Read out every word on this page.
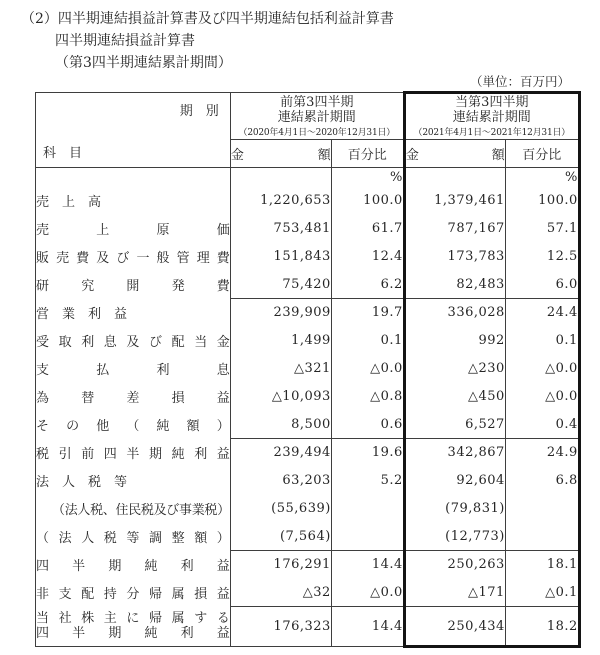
（2）四半期連結損益計算書及び四半期連結包括利益計算書
四半期連結損益計算書
（第3四半期連結累計期間）
（単位：百万円）
期　別
科　目

前第3四半期
連結累計期間
（2020年4月1日～2020年12月31日）

当第3四半期
連結累計期間
（2021年4月1日～2021年12月31日）

	金 額	百分比	金 額	百分比
		%		%
売　上　高	1,220,653	100.0	1,379,461	100.0
売 上 原 価	753,481	61.7	787,167	57.1
販 売 費 及 び 一 般 管 理 費	151,843	12.4	173,783	12.5
研 究 開 発 費	75,420	6.2	82,483	6.0
営　業　利　益	239,909	19.7	336,028	24.4
受 取 利 息 及 び 配 当 金	1,499	0.1	992	0.1
支 払 利 息	△321	△0.0	△230	△0.0
為 替 差 損 益	△10,093	△0.8	△450	△0.0
そ の 他 （ 純 額 ）	8,500	0.6	6,527	0.4
税 引 前 四 半 期 純 利 益	239,494	19.6	342,867	24.9
法　人　税　等	63,203	5.2	92,604	6.8
（法人税、住民税及び事業税）	(55,639)		(79,831)	
（ 法 人 税 等 調 整 額 ）	(7,564)		(12,773)	
四 半 期 純 利 益	176,291	14.4	250,263	18.1
非 支 配 持 分 帰 属 損 益	△32	△0.0	△171	△0.1

当 社 株 主 に 帰 属 す る
四 半 期 純 利 益	176,323	14.4	250,434	18.2
